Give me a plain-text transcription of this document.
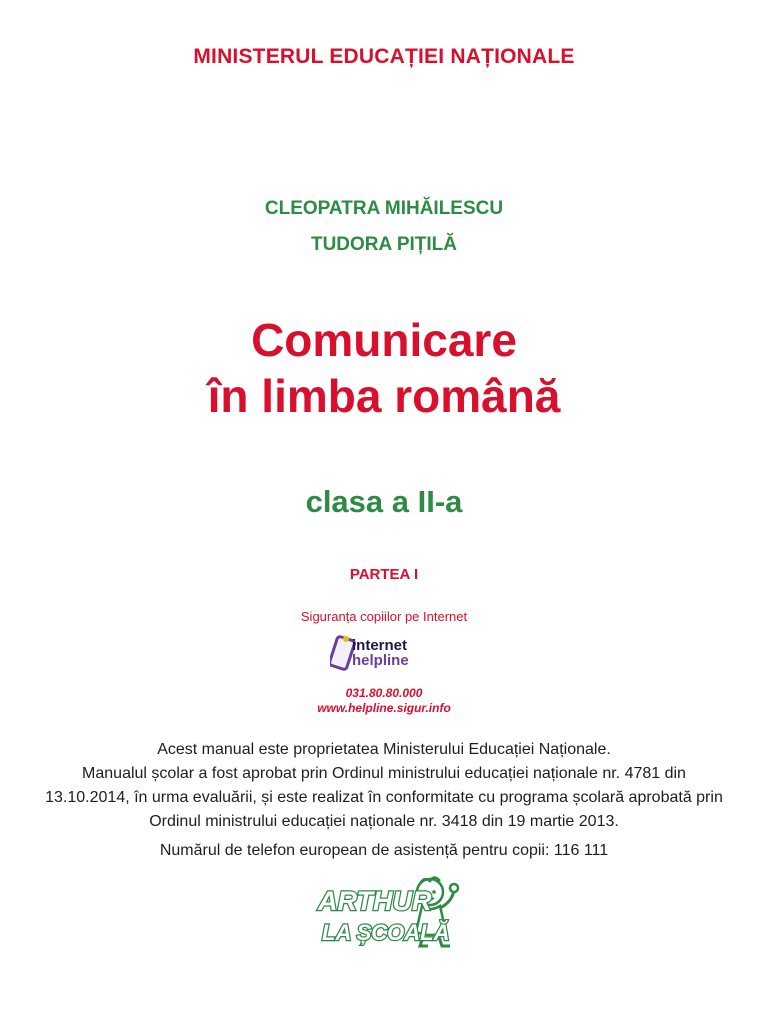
MINISTERUL EDUCAȚIEI NAȚIONALE
CLEOPATRA MIHĂILESCU
TUDORA PIȚILĂ
Comunicare
în limba română
clasa a II-a
PARTEA I
Siguranța copiilor pe Internet
internet
helpline
031.80.80.000
www.helpline.sigur.info
Acest manual este proprietatea Ministerului Educației Naționale.
Manualul școlar a fost aprobat prin Ordinul ministrului educației naționale nr. 4781 din
13.10.2014, în urma evaluării, și este realizat în conformitate cu programa școlară aprobată prin
Ordinul ministrului educației naționale nr. 3418 din 19 martie 2013.
Numărul de telefon european de asistență pentru copii: 116 111
ARTHUR
LA ȘCOALĂ
